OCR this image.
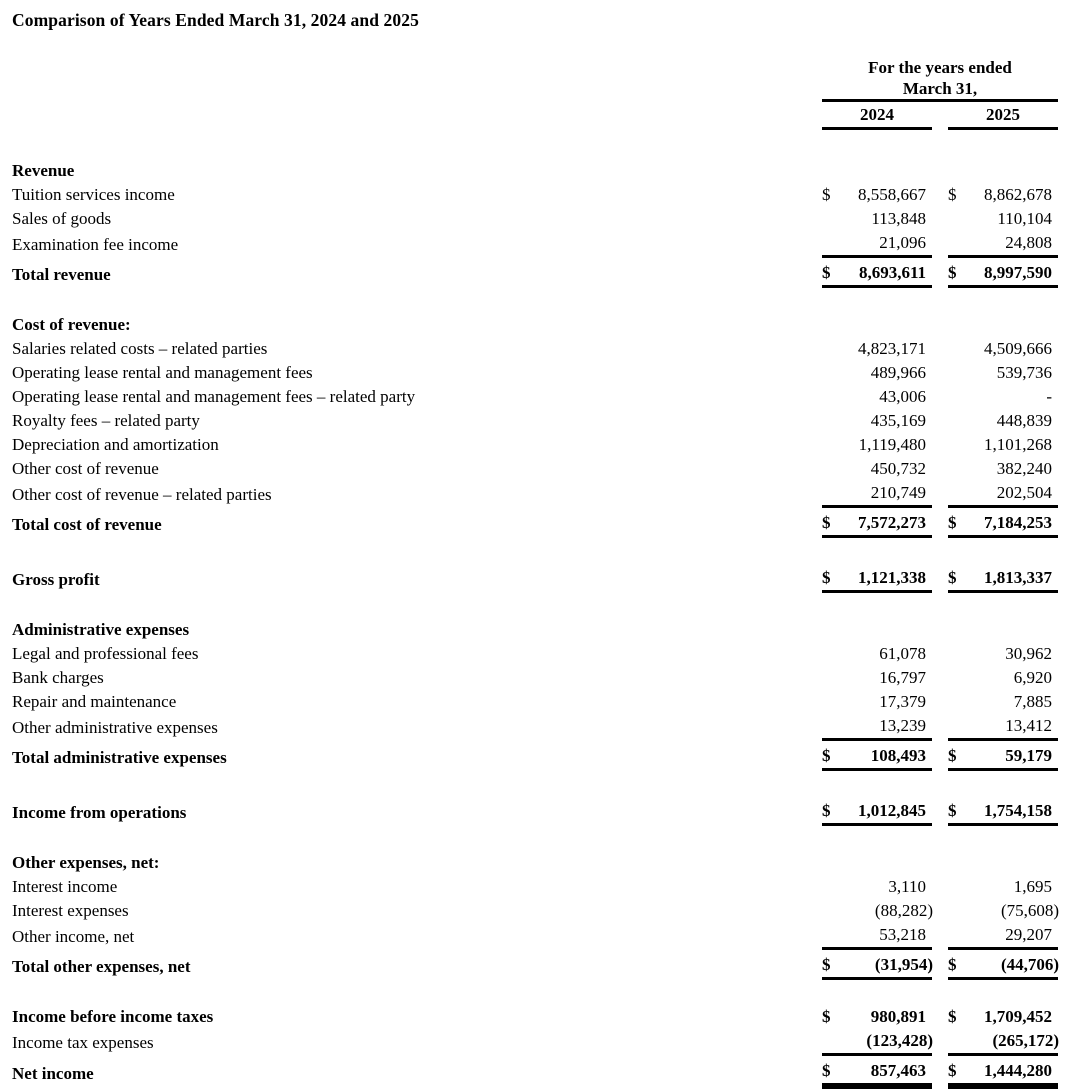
Comparison of Years Ended March 31, 2024 and 2025
	For the years ended				
	March 31,				
	2024			2025	

Revenue					
Tuition services income	$	8,558,667		$	8,862,678
Sales of goods		113,848			110,104
Examination fee income		21,096			24,808
Total revenue	$	8,693,611		$	8,997,590

Cost of revenue:					
Salaries related costs – related parties		4,823,171			4,509,666
Operating lease rental and management fees		489,966			539,736
Operating lease rental and management fees – related party		43,006			-
Royalty fees – related party		435,169			448,839
Depreciation and amortization		1,119,480			1,101,268
Other cost of revenue		450,732			382,240
Other cost of revenue – related parties		210,749			202,504
Total cost of revenue	$	7,572,273		$	7,184,253

Gross profit	$	1,121,338		$	1,813,337

Administrative expenses					
Legal and professional fees		61,078			30,962
Bank charges		16,797			6,920
Repair and maintenance		17,379			7,885
Other administrative expenses		13,239			13,412
Total administrative expenses	$	108,493		$	59,179

Income from operations	$	1,012,845		$	1,754,158

Other expenses, net:					
Interest income		3,110			1,695
Interest expenses		(88,282)			(75,608)
Other income, net		53,218			29,207
Total other expenses, net	$	(31,954)		$	(44,706)

Income before income taxes	$	980,891		$	1,709,452
Income tax expenses		(123,428)			(265,172)
Net income	$	857,463		$	1,444,280
